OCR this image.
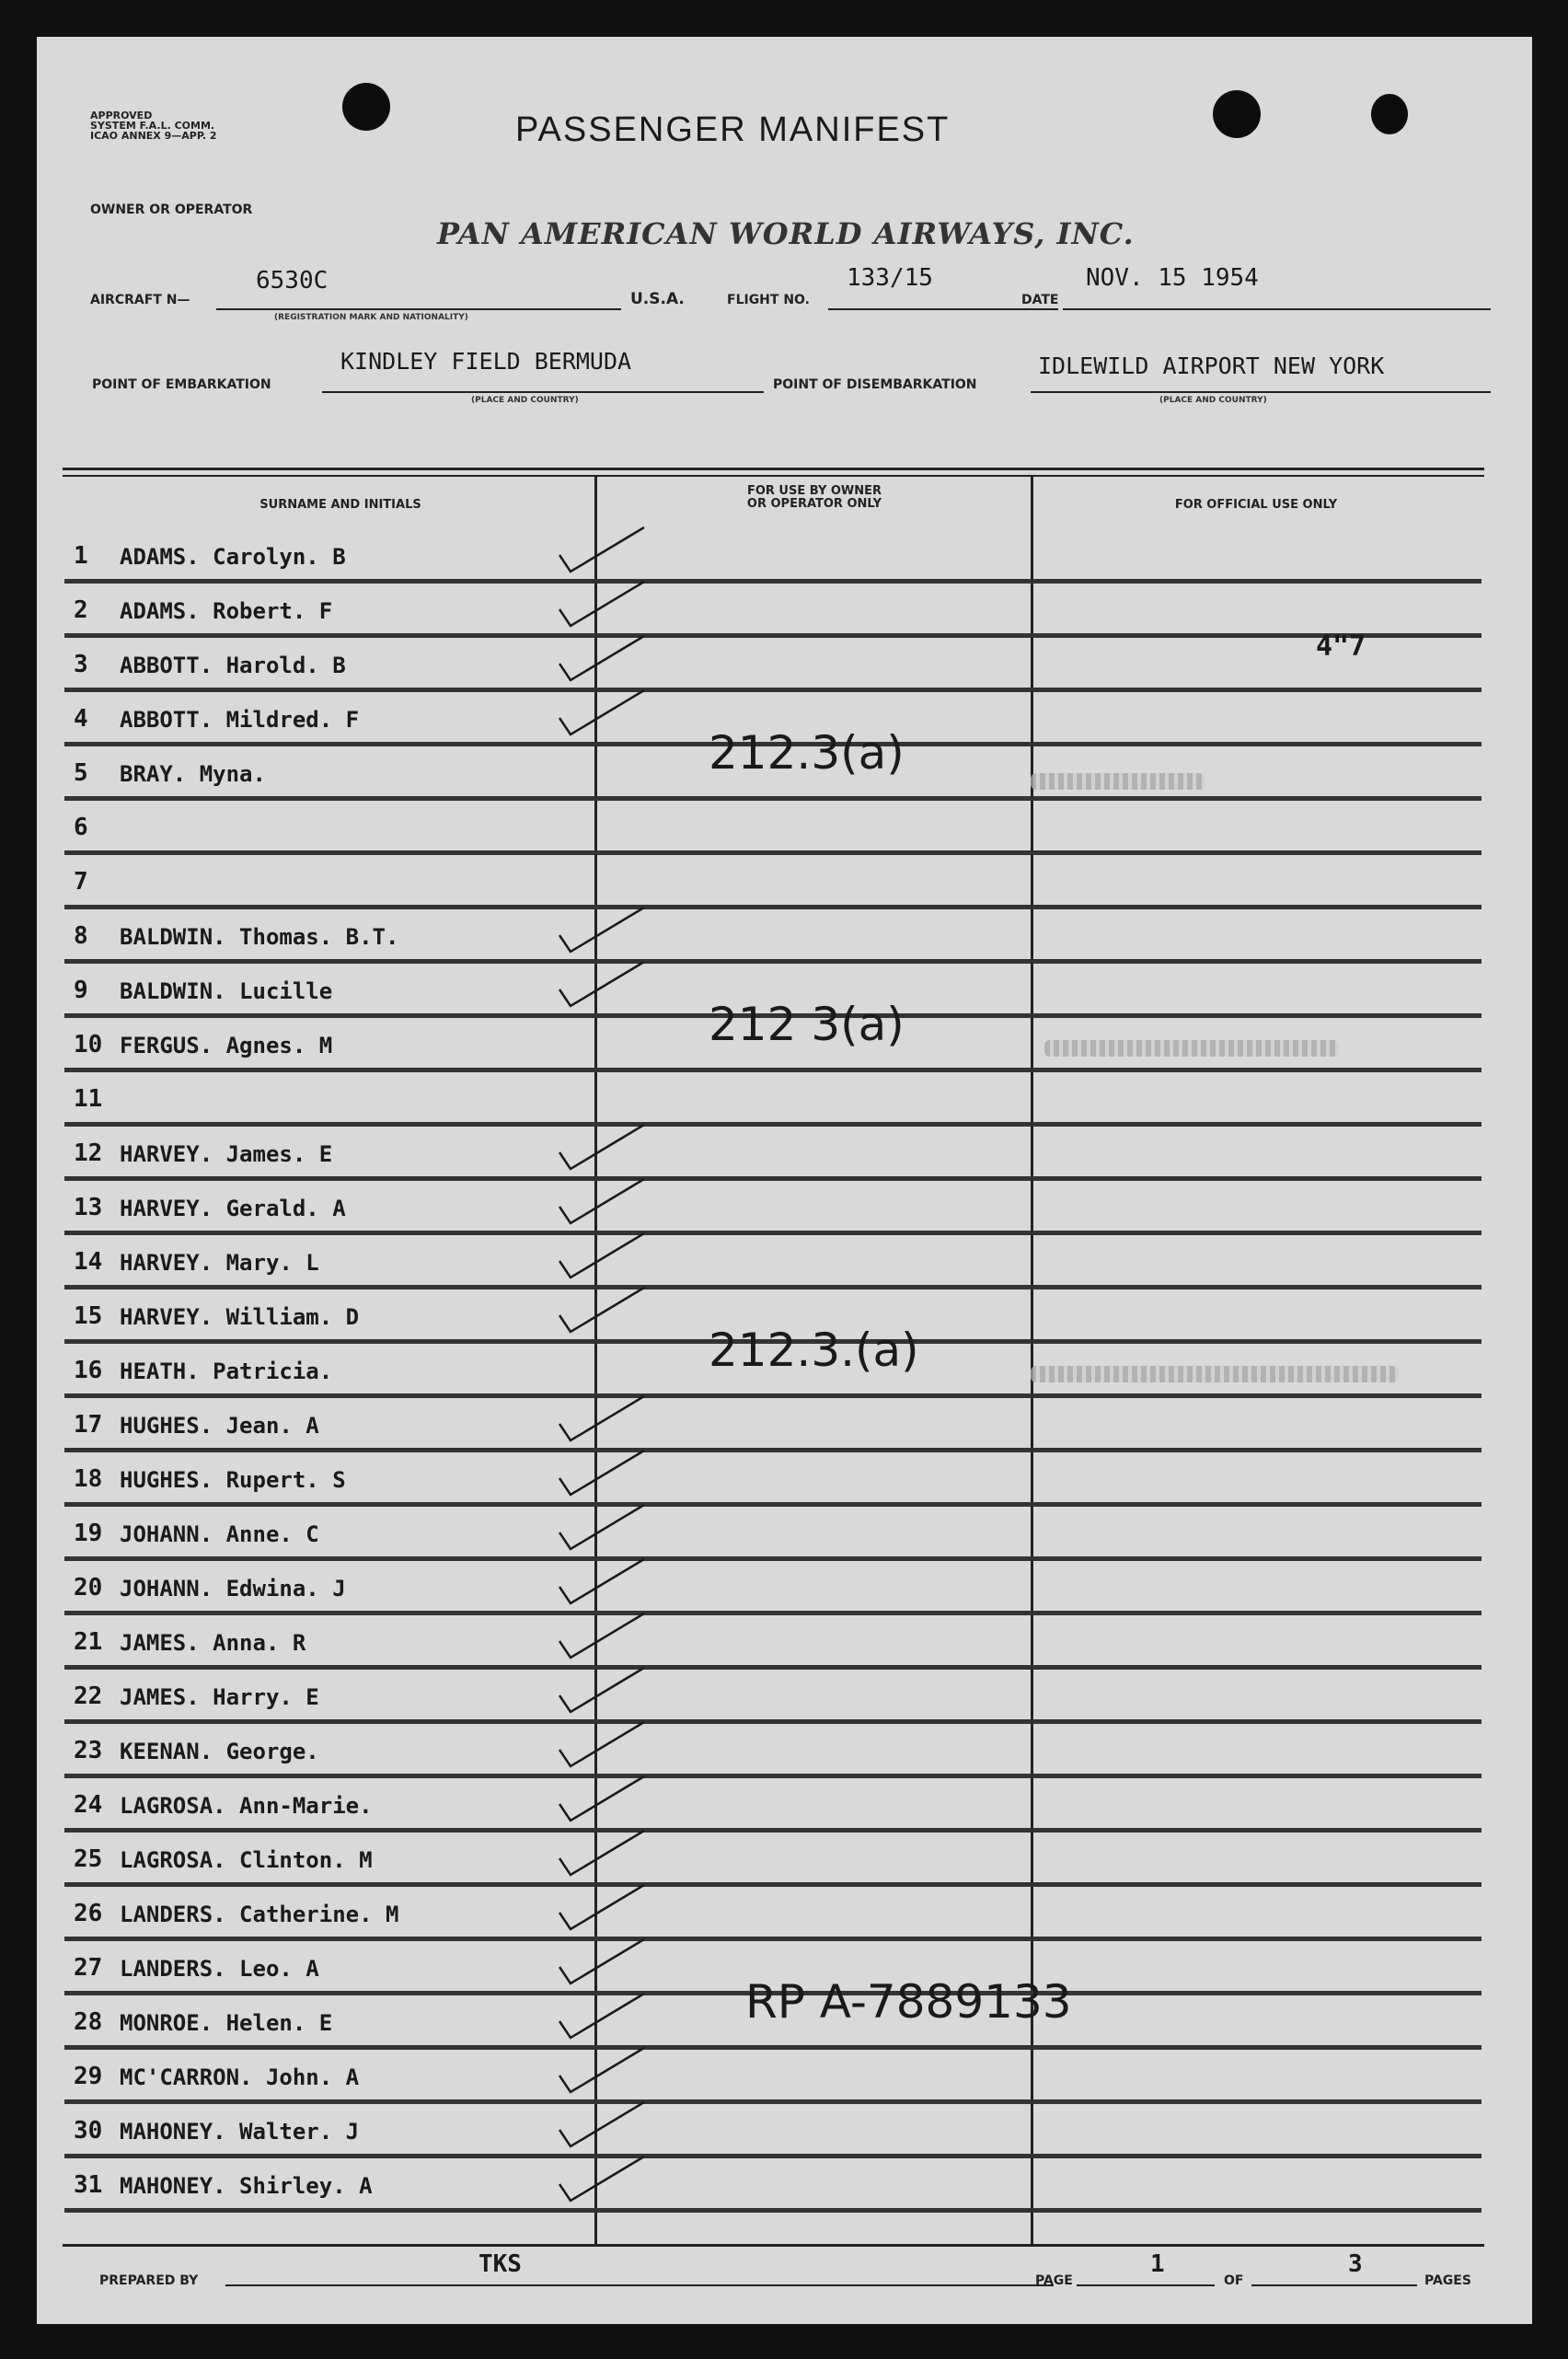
APPROVED
SYSTEM F.A.L. COMM.
ICAO ANNEX 9—APP. 2	PASSENGER MANIFEST
OWNER OR OPERATOR
PAN AMERICAN WORLD AIRWAYS, INC.
AIRCRAFT N—
6530C
(REGISTRATION MARK AND NATIONALITY)
U.S.A.	FLIGHT NO.
133/15
DATE
NOV. 15 1954
POINT OF EMBARKATION
KINDLEY FIELD BERMUDA
(PLACE AND COUNTRY)
POINT OF DISEMBARKATION
IDLEWILD AIRPORT NEW YORK
(PLACE AND COUNTRY)
SURNAME AND INITIALS
FOR USE BY OWNER
OR OPERATOR ONLY	FOR OFFICIAL USE ONLY
1	ADAMS. Carolyn. B
2	ADAMS. Robert. F
3	ABBOTT. Harold. B
4	ABBOTT. Mildred. F
5	BRAY. Myna.	212.3(a)
6
7
8	BALDWIN. Thomas. B.T.
9	BALDWIN. Lucille
10 FERGUS. Agnes. M	212 3(a)
11
12 HARVEY. James. E
13 HARVEY. Gerald. A
14 HARVEY. Mary. L
15 HARVEY. William. D
16 HEATH. Patricia.	212.3.(a)
17 HUGHES. Jean. A
18 HUGHES. Rupert. S
19 JOHANN. Anne. C
20 JOHANN. Edwina. J
21 JAMES. Anna. R
22 JAMES. Harry. E
23 KEENAN. George.
24 LAGROSA. Ann-Marie.
25 LAGROSA. Clinton. M
26 LANDERS. Catherine. M
27 LANDERS. Leo. A
28 MONROE. Helen. E	RP A-7889133
29 MC'CARRON. John. A
30 MAHONEY. Walter. J
31 MAHONEY. Shirley. A
4"7
PREPARED BY
TKS
PAGE
1
OF
3
PAGES
